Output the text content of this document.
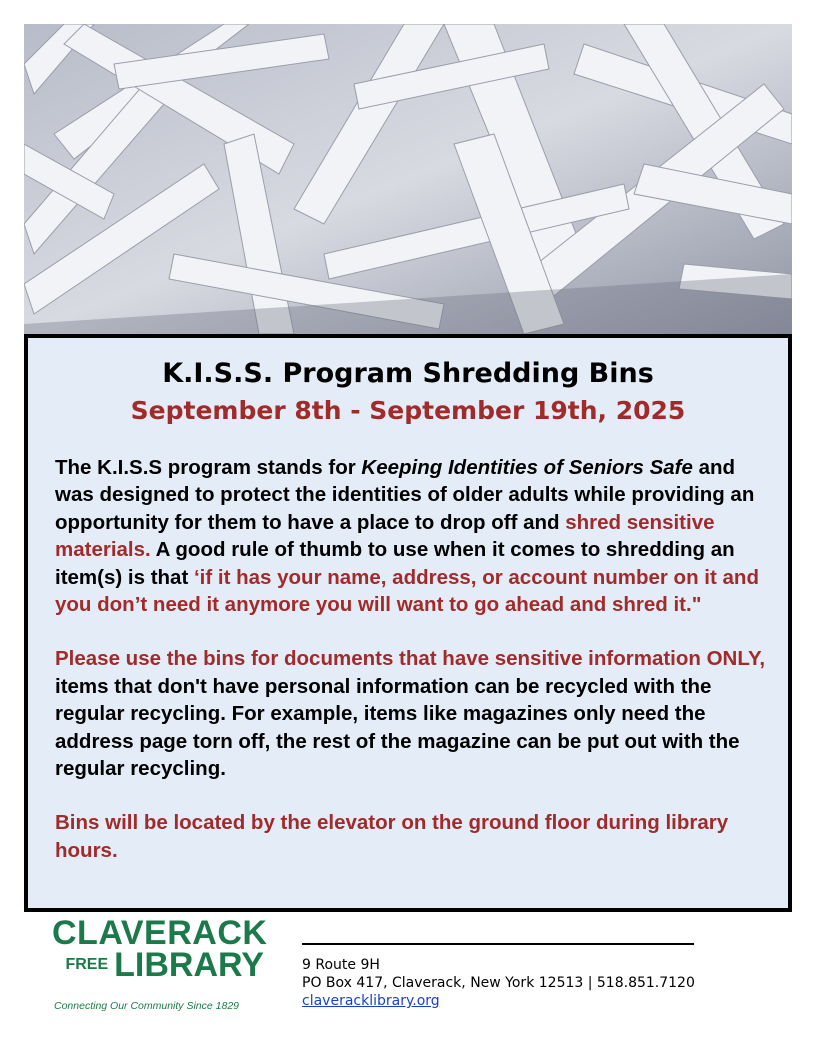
K.I.S.S. Program Shredding Bins
September 8th - September 19th, 2025

The K.I.S.S program stands for Keeping Identities of Seniors Safe and was designed to protect the identities of older adults while providing an opportunity for them to have a place to drop off and shred sensitive materials. A good rule of thumb to use when it comes to shredding an item(s) is that ‘if it has your name, address, or account number on it and you don’t need it anymore you will want to go ahead and shred it."

Please use the bins for documents that have sensitive information ONLY, items that don't have personal information can be recycled with the regular recycling. For example, items like magazines only need the address page torn off, the rest of the magazine can be put out with the regular recycling.

Bins will be located by the elevator on the ground floor during library hours.

CLAVERACK
FREE LIBRARY
Connecting Our Community Since 1829
9 Route 9H
PO Box 417, Claverack, New York 12513 | 518.851.7120
claveracklibrary.org
